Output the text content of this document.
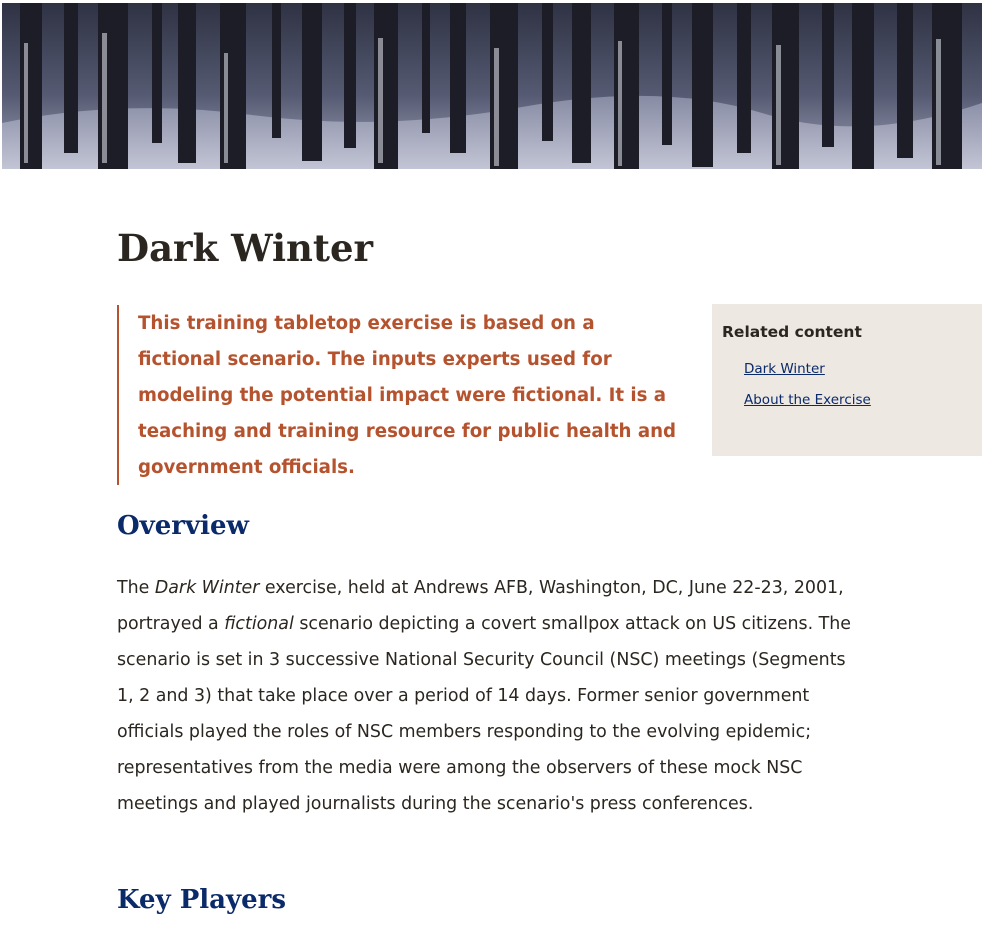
Dark Winter

This training tabletop exercise is based on a fictional scenario. The inputs experts used for modeling the potential impact were fictional. It is a teaching and training resource for public health and government officials.

Related content
Dark Winter
About the Exercise
Overview

The Dark Winter exercise, held at Andrews AFB, Washington, DC, June 22-23, 2001, portrayed a fictional scenario depicting a covert smallpox attack on US citizens. The scenario is set in 3 successive National Security Council (NSC) meetings (Segments 1, 2 and 3) that take place over a period of 14 days. Former senior government officials played the roles of NSC members responding to the evolving epidemic; representatives from the media were among the observers of these mock NSC meetings and played journalists during the scenario's press conferences.

Key Players
